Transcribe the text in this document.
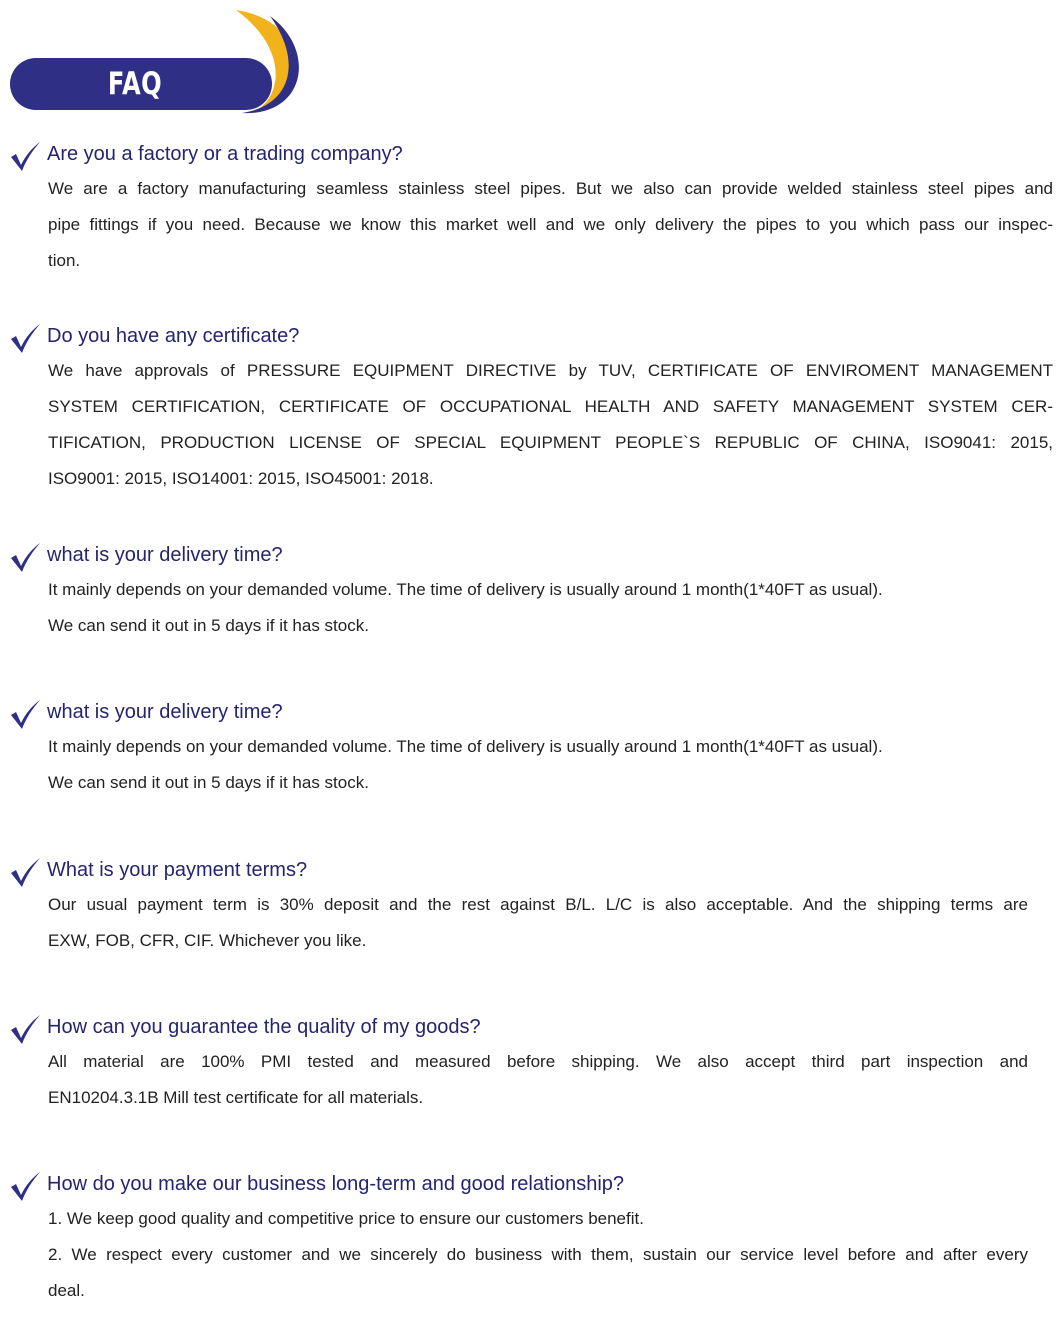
FAQ
Are you a factory or a trading company?
We are a factory manufacturing seamless stainless steel pipes. But we also can provide welded stainless steel pipes and
pipe fittings if you need. Because we know this market well and we only delivery the pipes to you which pass our inspec-
tion.
Do you have any certificate?
We have approvals of PRESSURE EQUIPMENT DIRECTIVE by TUV, CERTIFICATE OF ENVIROMENT MANAGEMENT
SYSTEM CERTIFICATION, CERTIFICATE OF OCCUPATIONAL HEALTH AND SAFETY MANAGEMENT SYSTEM CER-
TIFICATION, PRODUCTION LICENSE OF SPECIAL EQUIPMENT PEOPLE`S REPUBLIC OF CHINA, ISO9041: 2015,
ISO9001: 2015, ISO14001: 2015, ISO45001: 2018.
what is your delivery time?
It mainly depends on your demanded volume. The time of delivery is usually around 1 month(1*40FT as usual).
We can send it out in 5 days if it has stock.
what is your delivery time?
It mainly depends on your demanded volume. The time of delivery is usually around 1 month(1*40FT as usual).
We can send it out in 5 days if it has stock.
What is your payment terms?
Our usual payment term is 30% deposit and the rest against B/L. L/C is also acceptable. And the shipping terms are
EXW, FOB, CFR, CIF. Whichever you like.
How can you guarantee the quality of my goods?
All material are 100% PMI tested and measured before shipping. We also accept third part inspection and
EN10204.3.1B Mill test certificate for all materials.
How do you make our business long-term and good relationship?
1. We keep good quality and competitive price to ensure our customers benefit.
2. We respect every customer and we sincerely do business with them, sustain our service level before and after every
deal.
